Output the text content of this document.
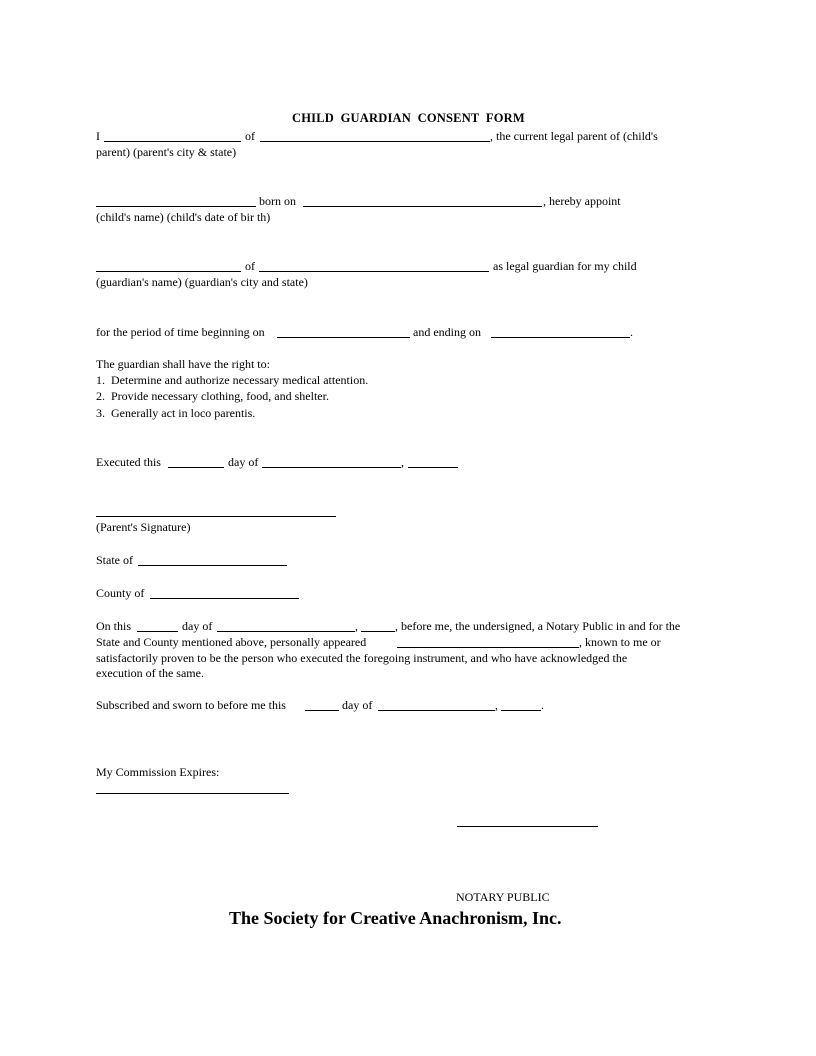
CHILD  GUARDIAN  CONSENT  FORM
I	of	, the current legal parent of (child's
parent) (parent's city & state)
born on	, hereby appoint
(child's name) (child's date of bir th)
of	as legal guardian for my child
(guardian's name) (guardian's city and state)
for the period of time beginning on	and ending on	.
The guardian shall have the right to:
1.  Determine and authorize necessary medical attention.
2.  Provide necessary clothing, food, and shelter.
3.  Generally act in loco parentis.
Executed this	day of	,
(Parent's Signature)
State of
County of
On this	day of	,	, before me, the undersigned, a Notary Public in and for the
State and County mentioned above, personally appeared	, known to me or
satisfactorily proven to be the person who executed the foregoing instrument, and who have acknowledged the
execution of the same.
Subscribed and sworn to before me this	day of	,	.
My Commission Expires:
NOTARY PUBLIC
The Society for Creative Anachronism, Inc.
